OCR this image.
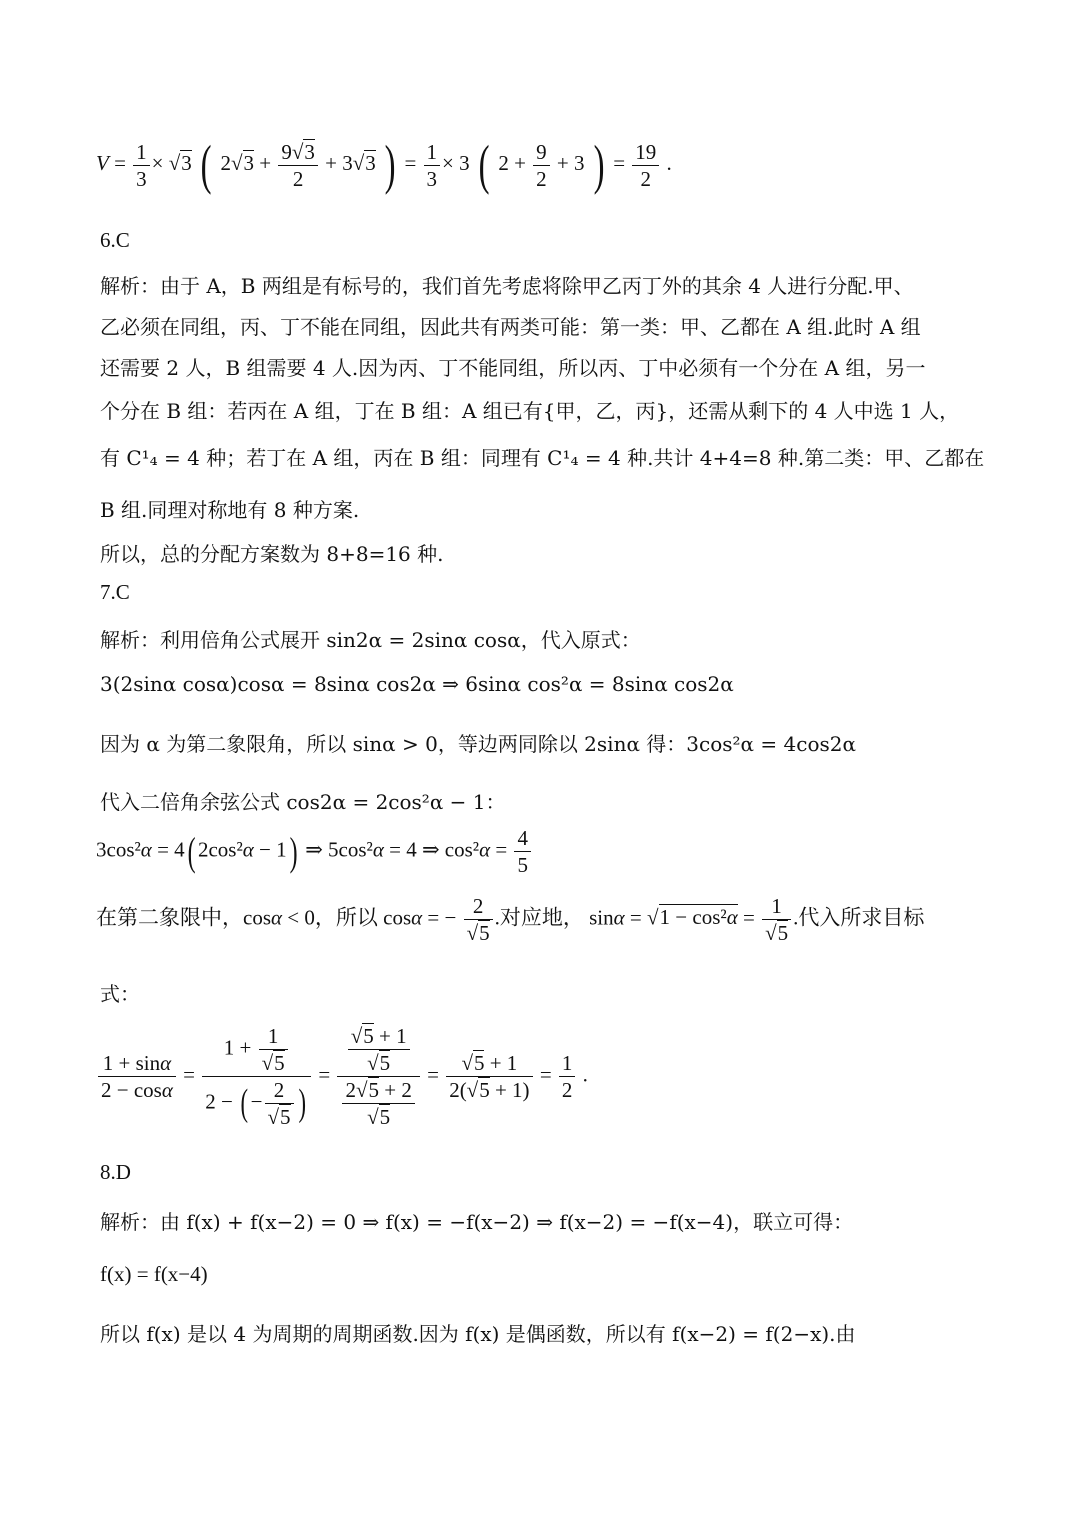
$V = \frac{1}{3} \times √3$ ( $2√3 + \frac{9√3}{2} + 3√3$ ) = $\frac{1}{3} \times 3$ ( $2 + \frac{9}{2} + 3$ ) = $\frac{19}{2}$ .
6.C
解析：由于 A，B 两组是有标号的，我们首先考虑将除甲乙丙丁外的其余 4 人进行分配.甲、
乙必须在同组，丙、丁不能在同组，因此共有两类可能：第一类：甲、乙都在 A 组.此时 A 组
还需要 2 人，B 组需要 4 人.因为丙、丁不能同组，所以丙、丁中必须有一个分在 A 组，另一
个分在 B 组：若丙在 A 组，丁在 B 组：A 组已有{甲，乙，丙}，还需从剩下的 4 人中选 1 人，
有 C¹₄ = 4 种；若丁在 A 组，丙在 B 组：同理有 C¹₄ = 4 种.共计 4+4=8 种.第二类：甲、乙都在
B 组.同理对称地有 8 种方案.
所以，总的分配方案数为 8+8=16 种.
7.C
解析：利用倍角公式展开 sin2α = 2sinα cosα，代入原式：
3(2sinα cosα)cosα = 8sinα cos2α ⇒ 6sinα cos²α = 8sinα cos2α
因为 α 为第二象限角，所以 sinα > 0，等边两同除以 2sinα 得：3cos²α = 4cos2α
代入二倍角余弦公式 cos2α = 2cos²α − 1：
3cos²α = 4( 2cos²α − 1) ⇒ 5cos²α = 4 ⇒ $\cos^2\alpha = \frac{4}{5}$
在第二象限中，cosα < 0，所以 cosα = − $\frac{2}{√5}$ .对应地， $\sin\alpha = √1 - \cos^2\alpha = \frac{1}{√5}$ .代入所求目标
式：
$\frac{1 + \sin\alpha}{2 - \cos\alpha} = \frac{1 + \frac{1}{√5}}{2 - ( - \frac{2}{√5} )} = \frac{\frac{√5 + 1}{√5}}{\frac{2√5 + 2}{√5}} = \frac{√5 + 1}{2(√5 + 1)} = \frac{1}{2}$ .
8.D
解析：由 f(x) + f(x−2) = 0 ⇒ f(x) = −f(x−2) ⇒ f(x−2) = −f(x−4)，联立可得：
f(x) = f(x−4)
所以 f(x) 是以 4 为周期的周期函数.因为 f(x) 是偶函数，所以有 f(x−2) = f(2−x).由
